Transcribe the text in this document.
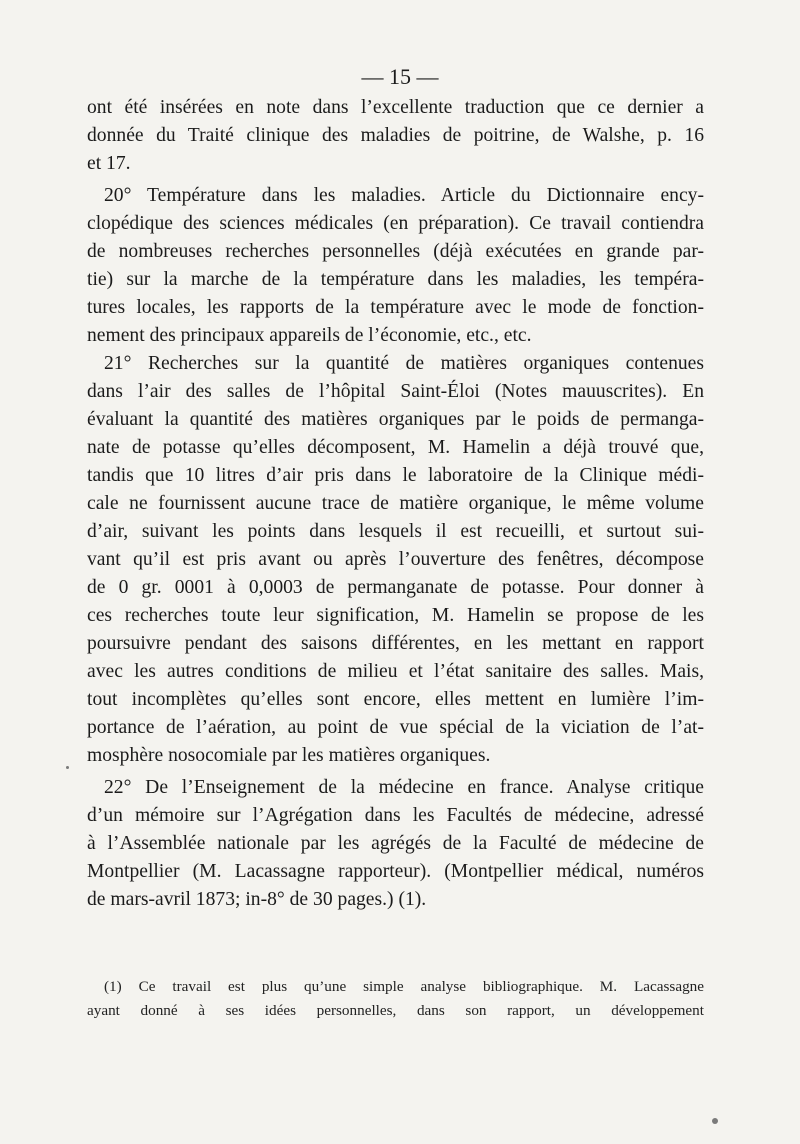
— 15 —
ont été insérées en note dans l’excellente traduction que ce dernier a
donnée du Traité clinique des maladies de poitrine, de Walshe, p. 16
et 17.
20° Température dans les maladies. Article du Dictionnaire ency-
clopédique des sciences médicales (en préparation). Ce travail contiendra
de nombreuses recherches personnelles (déjà exécutées en grande par-
tie) sur la marche de la température dans les maladies, les tempéra-
tures locales, les rapports de la température avec le mode de fonction-
nement des principaux appareils de l’économie, etc., etc.
21° Recherches sur la quantité de matières organiques contenues
dans l’air des salles de l’hôpital Saint-Éloi (Notes mauuscrites). En
évaluant la quantité des matières organiques par le poids de permanga-
nate de potasse qu’elles décomposent, M. Hamelin a déjà trouvé que,
tandis que 10 litres d’air pris dans le laboratoire de la Clinique médi-
cale ne fournissent aucune trace de matière organique, le même volume
d’air, suivant les points dans lesquels il est recueilli, et surtout sui-
vant qu’il est pris avant ou après l’ouverture des fenêtres, décompose
de 0 gr. 0001 à 0,0003 de permanganate de potasse. Pour donner à
ces recherches toute leur signification, M. Hamelin se propose de les
poursuivre pendant des saisons différentes, en les mettant en rapport
avec les autres conditions de milieu et l’état sanitaire des salles. Mais,
tout incomplètes qu’elles sont encore, elles mettent en lumière l’im-
portance de l’aération, au point de vue spécial de la viciation de l’at-
mosphère nosocomiale par les matières organiques.
22° De l’Enseignement de la médecine en france. Analyse critique
d’un mémoire sur l’Agrégation dans les Facultés de médecine, adressé
à l’Assemblée nationale par les agrégés de la Faculté de médecine de
Montpellier (M. Lacassagne rapporteur). (Montpellier médical, numéros
de mars-avril 1873; in-8° de 30 pages.) (1).
(1) Ce travail est plus qu’une simple analyse bibliographique. M. Lacassagne
ayant donné à ses idées personnelles, dans son rapport, un développement
